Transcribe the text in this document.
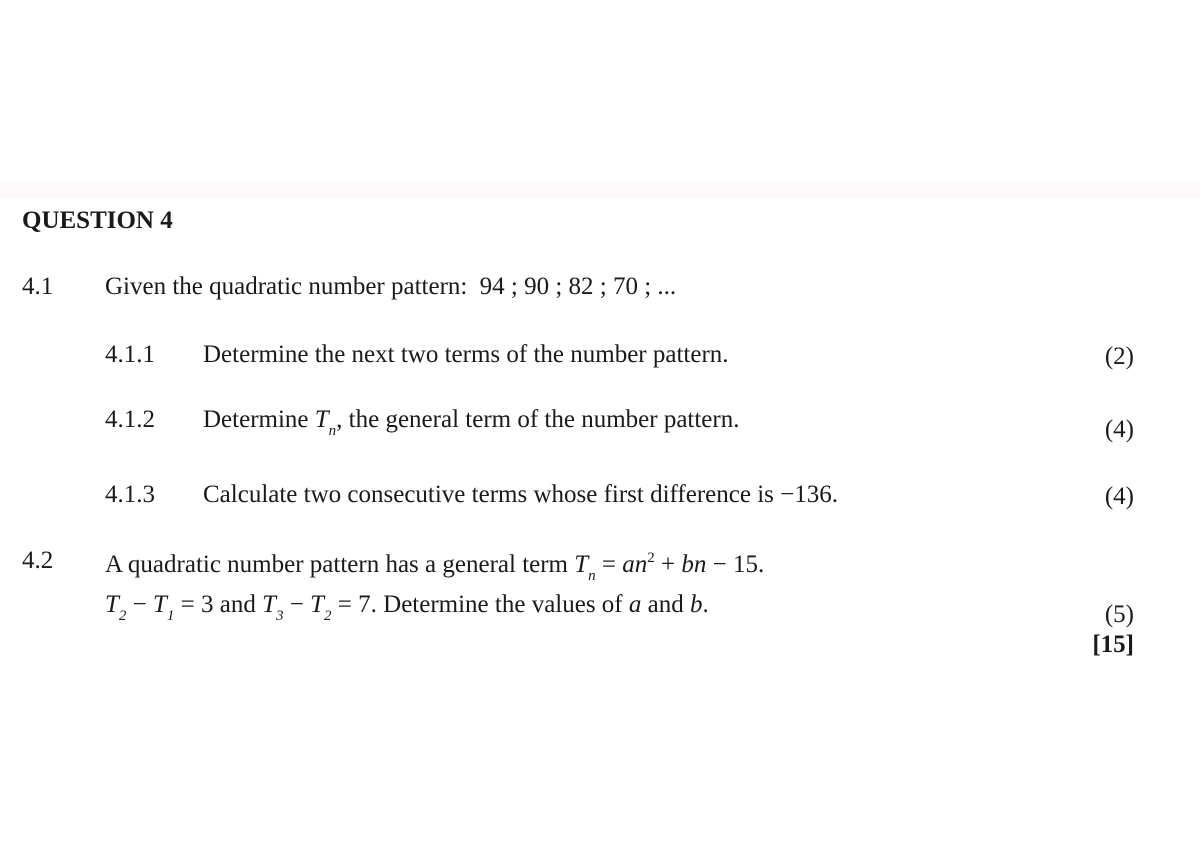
QUESTION 4
4.1 Given the quadratic number pattern: 94 ; 90 ; 82 ; 70 ; ...
4.1.1 Determine the next two terms of the number pattern.	(2)
4.1.2 Determine $T_n$, the general term of the number pattern.	(4)
4.1.3 Calculate two consecutive terms whose first difference is −136.	(4)
4.2 A quadratic number pattern has a general term $T_n = an^2$ + bn − 15.
$T_2 - T_1 = 3$ and $T_3 - T_2 = 7$. Determine the values of a and b.	(5)
[15]
